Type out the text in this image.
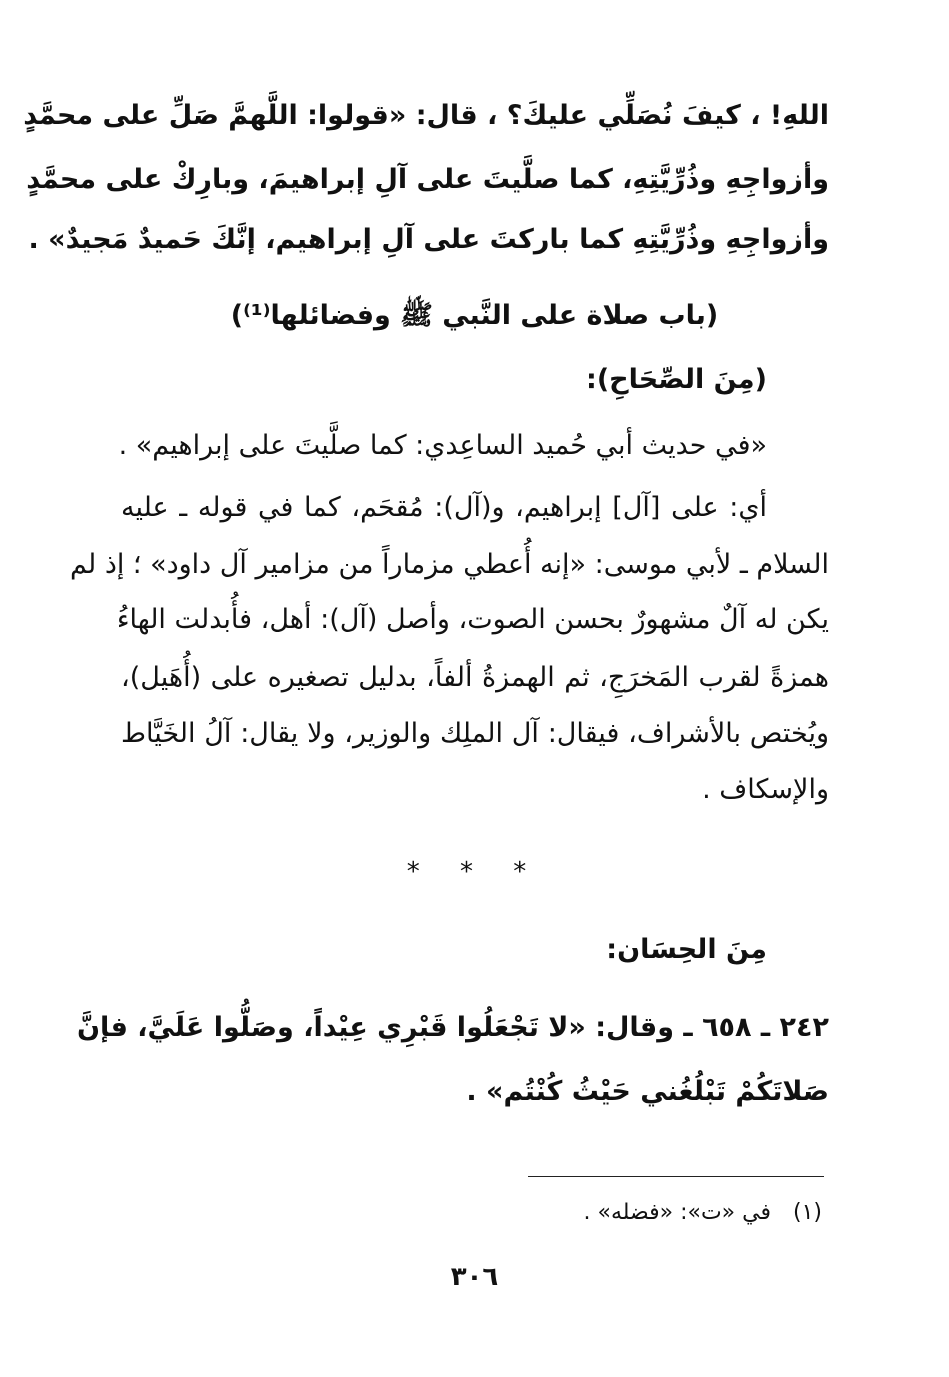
اللهِ! ، كيفَ نُصَلِّي عليكَ؟ ، قال: «قولوا: اللَّهمَّ صَلِّ على محمَّدٍ
وأزواجِهِ وذُرِّيَّتِهِ، كما صلَّيتَ على آلِ إبراهيمَ، وبارِكْ على محمَّدٍ
وأزواجِهِ وذُرِّيَّتِهِ كما باركتَ على آلِ إبراهيم، إنَّكَ حَميدٌ مَجيدٌ» .
(باب صلاة على النَّبي ﷺ وفضائلها⁽¹⁾)
(مِنَ الصِّحَاحِ):
«في حديث أبي حُميد الساعِدي: كما صلَّيتَ على إبراهيم» .
أي: على [آل] إبراهيم، و(آل): مُقحَم، كما في قوله ـ عليه
السلام ـ لأبي موسى: «إنه أُعطي مزماراً من مزامير آل داود» ؛ إذ لم
يكن له آلٌ مشهورٌ بحسن الصوت، وأصل (آل): أهل، فأُبدلت الهاءُ
همزةً لقرب المَخرَجِ، ثم الهمزةُ ألفاً، بدليل تصغيره على (أُهَيل)،
ويُختص بالأشراف، فيقال: آل الملِك والوزير، ولا يقال: آلُ الخَيَّاط
والإسكاف .
* * *
مِنَ الحِسَان:
٢٤٢ ـ ٦٥٨ ـ وقال: «لا تَجْعَلُوا قَبْرِي عِيْداً، وصَلُّوا عَلَيَّ، فإنَّ
صَلاتَكُمْ تَبْلُغُني حَيْثُ كُنْتُم» .
(١)في «ت»: «فضله» .
٣٠٦
